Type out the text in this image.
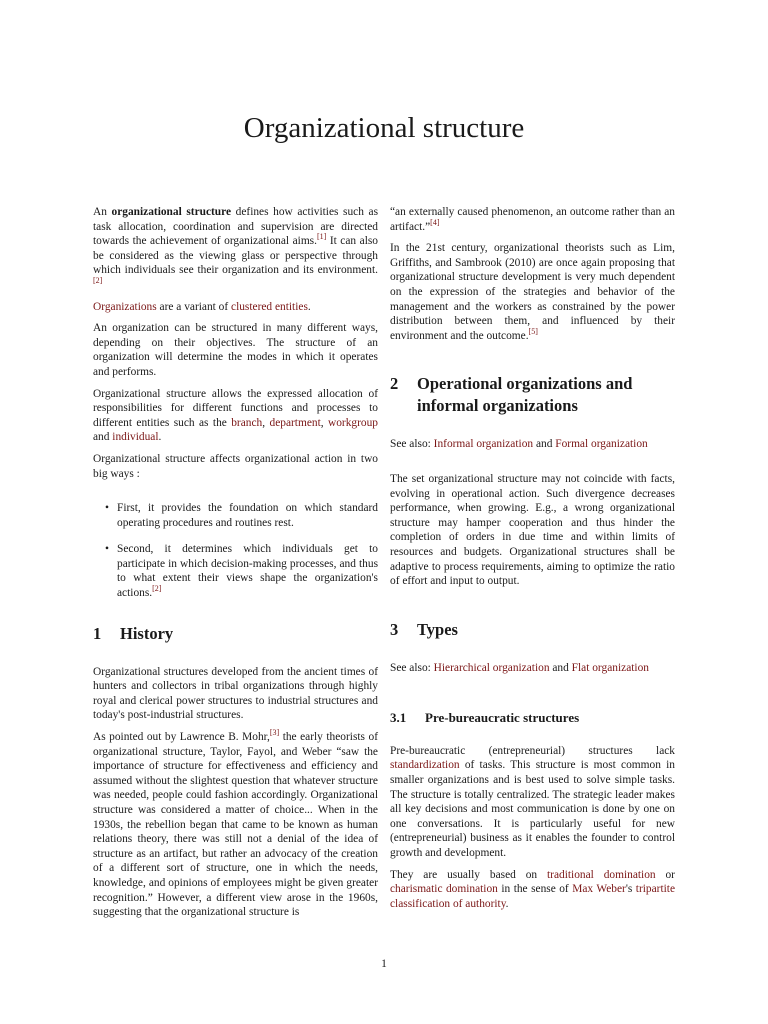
Organizational structure

An organizational structure defines how activities such as task allocation, coordination and supervision are directed towards the achievement of organizational aims.[1] It can also be considered as the viewing glass or perspective through which individuals see their organization and its environment.[2]

Organizations are a variant of clustered entities.

An organization can be structured in many different ways, depending on their objectives. The structure of an organization will determine the modes in which it operates and performs.

Organizational structure allows the expressed allocation of responsibilities for different functions and processes to different entities such as the branch, department, workgroup and individual.

Organizational structure affects organizational action in two big ways :

• First, it provides the foundation on which standard operating procedures and routines rest.
• Second, it determines which individuals get to participate in which decision-making processes, and thus to what extent their views shape the organization's actions.[2]
1 History

Organizational structures developed from the ancient times of hunters and collectors in tribal organizations through highly royal and clerical power structures to industrial structures and today's post-industrial structures.

As pointed out by Lawrence B. Mohr,[3] the early theorists of organizational structure, Taylor, Fayol, and Weber “saw the importance of structure for effectiveness and efficiency and assumed without the slightest question that whatever structure was needed, people could fashion accordingly. Organizational structure was considered a matter of choice... When in the 1930s, the rebellion began that came to be known as human relations theory, there was still not a denial of the idea of structure as an artifact, but rather an advocacy of the creation of a different sort of structure, one in which the needs, knowledge, and opinions of employees might be given greater recognition.” However, a different view arose in the 1960s, suggesting that the organizational structure is

“an externally caused phenomenon, an outcome rather than an artifact.”[4]

In the 21st century, organizational theorists such as Lim, Griffiths, and Sambrook (2010) are once again proposing that organizational structure development is very much dependent on the expression of the strategies and behavior of the management and the workers as constrained by the power distribution between them, and influenced by their environment and the outcome.[5]

2	Operational organizations and informal organizations

See also: Informal organization and Formal organization

The set organizational structure may not coincide with facts, evolving in operational action. Such divergence decreases performance, when growing. E.g., a wrong organizational structure may hamper cooperation and thus hinder the completion of orders in due time and within limits of resources and budgets. Organizational structures shall be adaptive to process requirements, aiming to optimize the ratio of effort and input to output.

3 Types

See also: Hierarchical organization and Flat organization

3.1 Pre-bureaucratic structures

Pre-bureaucratic (entrepreneurial) structures lack standardization of tasks. This structure is most common in smaller organizations and is best used to solve simple tasks. The structure is totally centralized. The strategic leader makes all key decisions and most communication is done by one on one conversations. It is particularly useful for new (entrepreneurial) business as it enables the founder to control growth and development.

They are usually based on traditional domination or charismatic domination in the sense of Max Weber's tripartite classification of authority.

1
